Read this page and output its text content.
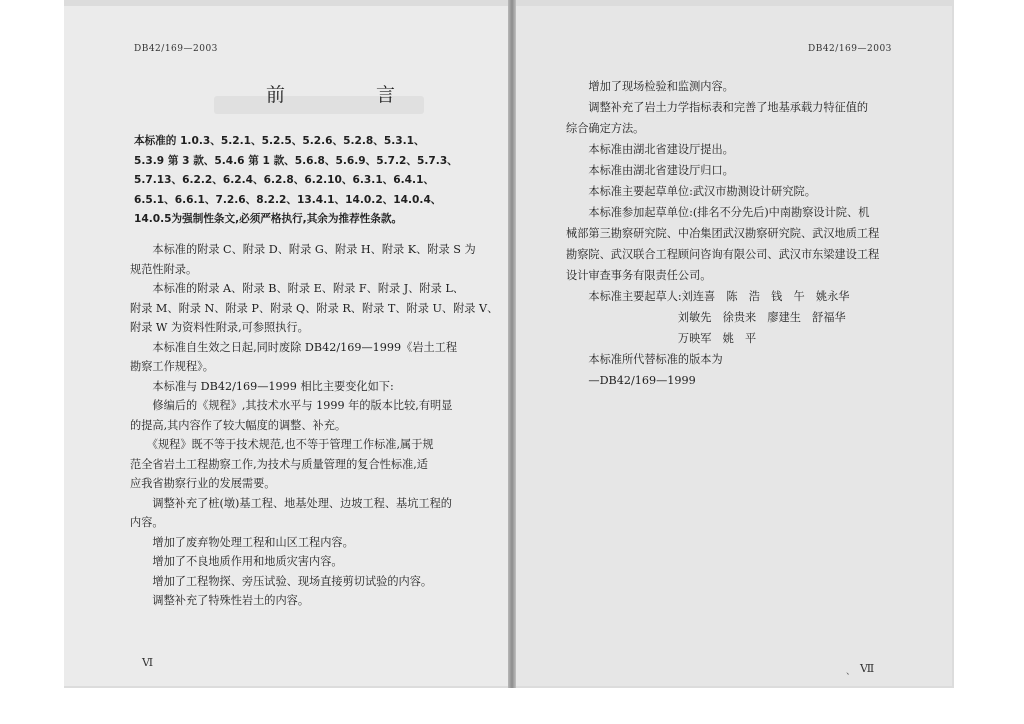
DB42/169—2003	DB42/169—2003
前　言
本标准的 1.0.3、5.2.1、5.2.5、5.2.6、5.2.8、5.3.1、
5.3.9 第 3 款、5.4.6 第 1 款、5.6.8、5.6.9、5.7.2、5.7.3、
5.7.13、6.2.2、6.2.4、6.2.8、6.2.10、6.3.1、6.4.1、
6.5.1、6.6.1、7.2.6、8.2.2、13.4.1、14.0.2、14.0.4、
14.0.5为强制性条文,必须严格执行,其余为推荐性条款。
　　本标准的附录 C、附录 D、附录 G、附录 H、附录 K、附录 S 为
规范性附录。
　　本标准的附录 A、附录 B、附录 E、附录 F、附录 J、附录 L、
附录 M、附录 N、附录 P、附录 Q、附录 R、附录 T、附录 U、附录 V、
附录 W 为资料性附录,可参照执行。
　　本标准自生效之日起,同时废除 DB42/169—1999《岩土工程
勘察工作规程》。
　　本标准与 DB42/169—1999 相比主要变化如下:
　　修编后的《规程》,其技术水平与 1999 年的版本比较,有明显
的提高,其内容作了较大幅度的调整、补充。
　　《规程》既不等于技术规范,也不等于管理工作标准,属于规
范全省岩土工程勘察工作,为技术与质量管理的复合性标准,适
应我省勘察行业的发展需要。
　　调整补充了桩(墩)基工程、地基处理、边坡工程、基坑工程的
内容。
　　增加了废弃物处理工程和山区工程内容。
　　增加了不良地质作用和地质灾害内容。
　　增加了工程物探、旁压试验、现场直接剪切试验的内容。
　　调整补充了特殊性岩土的内容。
　　增加了现场检验和监测内容。
　　调整补充了岩土力学指标表和完善了地基承载力特征值的
综合确定方法。
　　本标准由湖北省建设厅提出。
　　本标准由湖北省建设厅归口。
　　本标准主要起草单位:武汉市勘测设计研究院。
　　本标准参加起草单位:(排名不分先后)中南勘察设计院、机
械部第三勘察研究院、中冶集团武汉勘察研究院、武汉地质工程
勘察院、武汉联合工程顾问咨询有限公司、武汉市东梁建设工程
设计审查事务有限责任公司。
　　本标准主要起草人:刘连喜　陈　浩　钱　午　姚永华
　　　　　　　　　　刘敏先　徐贵来　廖建生　舒福华
　　　　　　　　　　万映军　姚　平
　　本标准所代替标准的版本为
　　—DB42/169—1999
Ⅵ
、 Ⅶ
